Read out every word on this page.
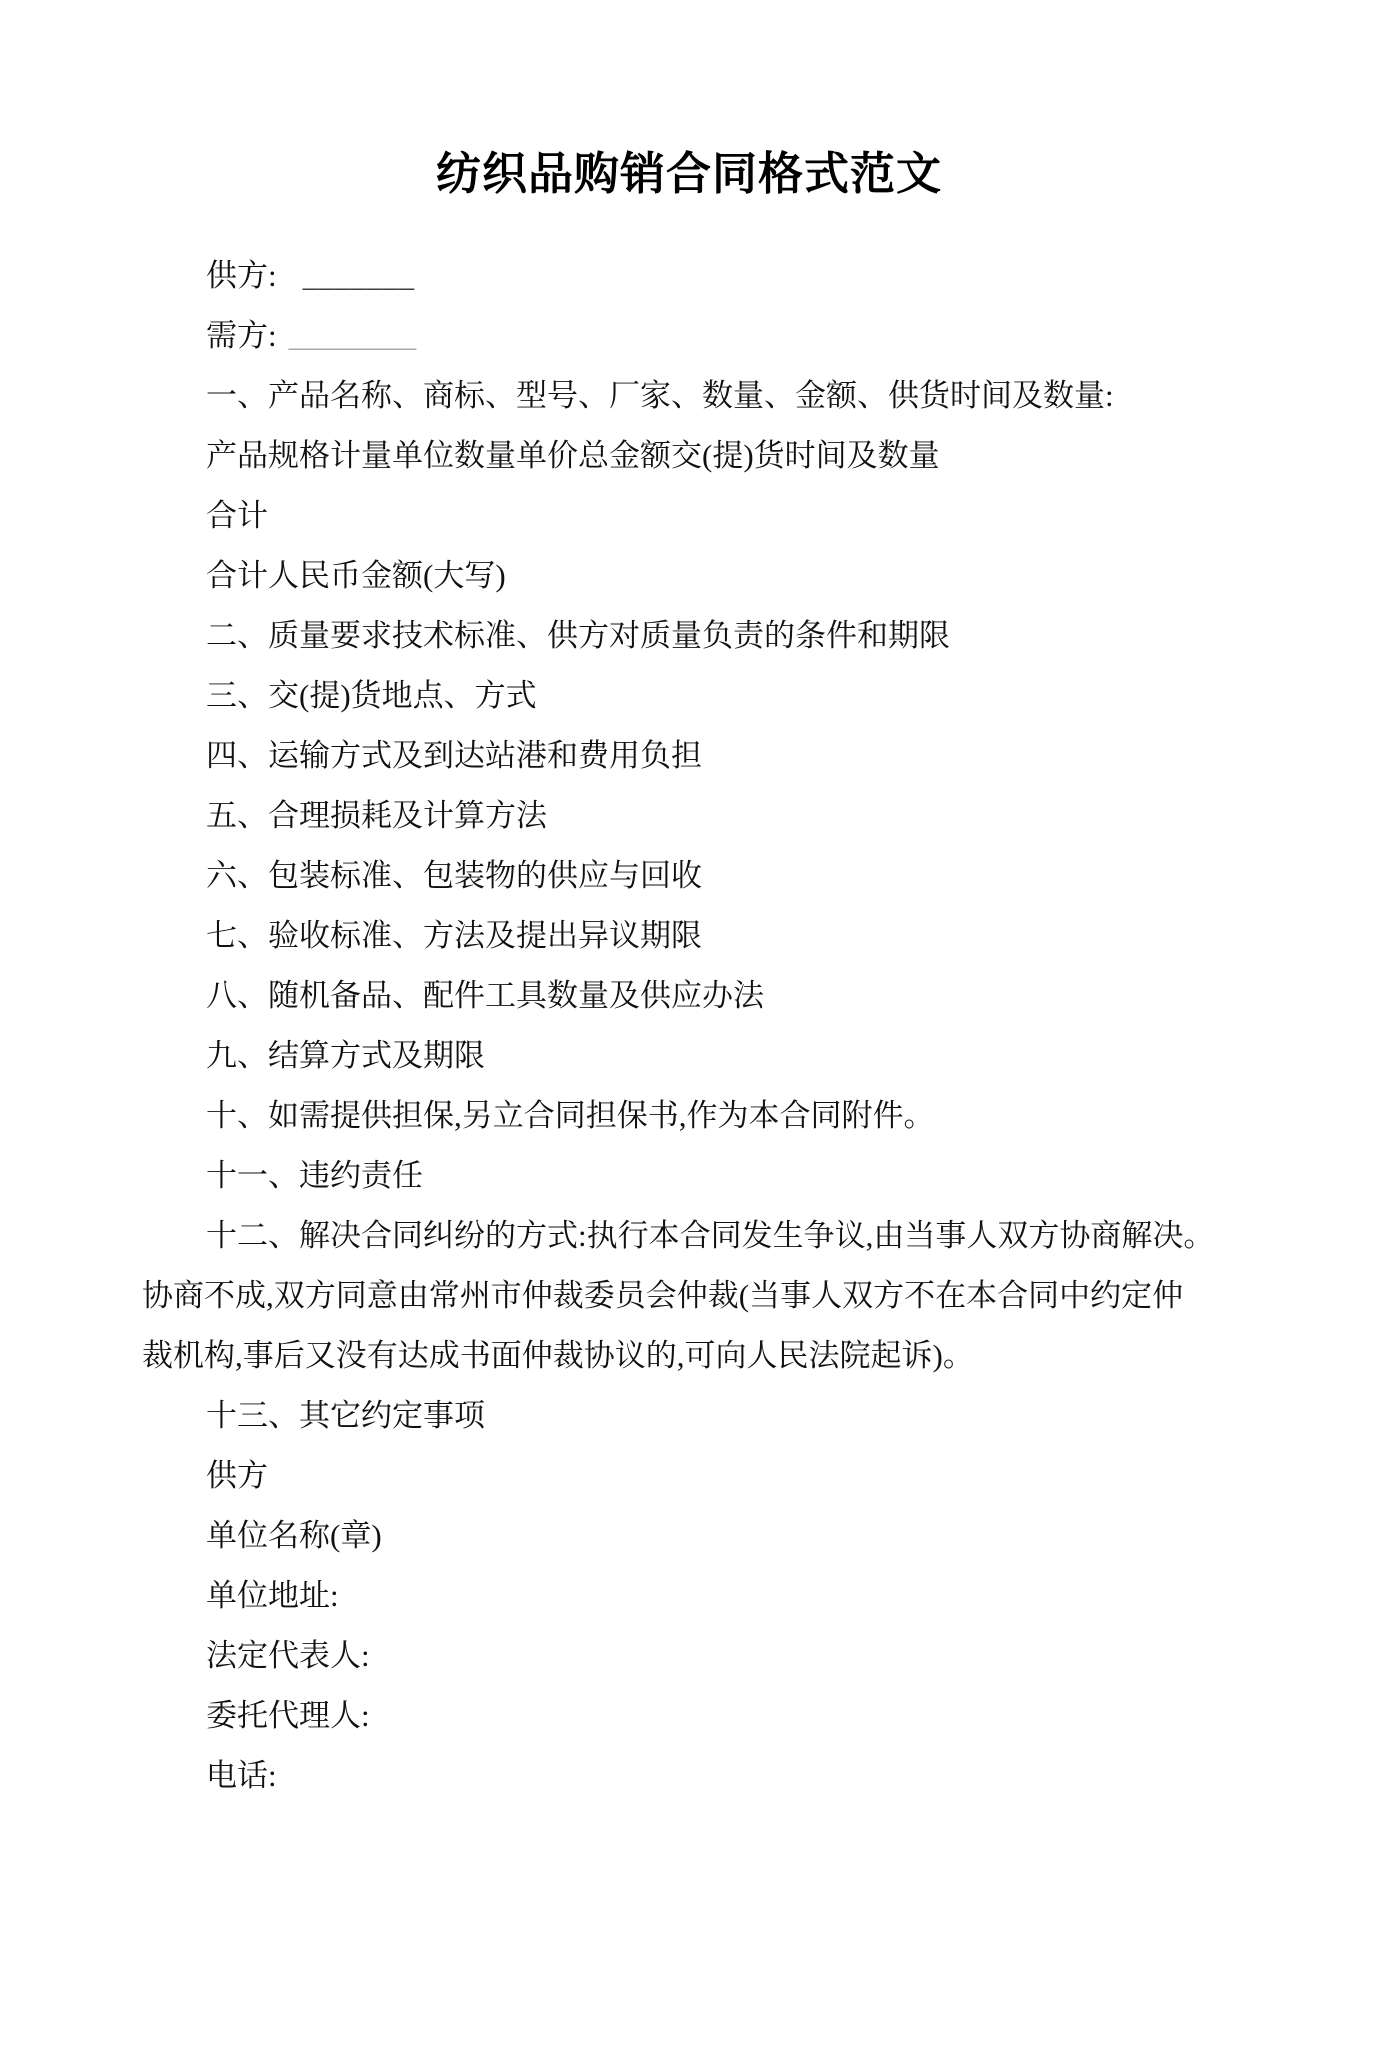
纺织品购销合同格式范文

供方: _______

需方: ________

一、产品名称、商标、型号、厂家、数量、金额、供货时间及数量:

产品规格计量单位数量单价总金额交(提)货时间及数量

合计

合计人民币金额(大写)

二、质量要求技术标准、供方对质量负责的条件和期限

三、交(提)货地点、方式

四、运输方式及到达站港和费用负担

五、合理损耗及计算方法

六、包装标准、包装物的供应与回收

七、验收标准、方法及提出异议期限

八、随机备品、配件工具数量及供应办法

九、结算方式及期限

十、如需提供担保,另立合同担保书,作为本合同附件。

十一、违约责任

十二、解决合同纠纷的方式:执行本合同发生争议,由当事人双方协商解决。

协商不成,双方同意由常州市仲裁委员会仲裁(当事人双方不在本合同中约定仲

裁机构,事后又没有达成书面仲裁协议的,可向人民法院起诉)。

十三、其它约定事项

供方

单位名称(章)

单位地址:

法定代表人:

委托代理人:

电话:
